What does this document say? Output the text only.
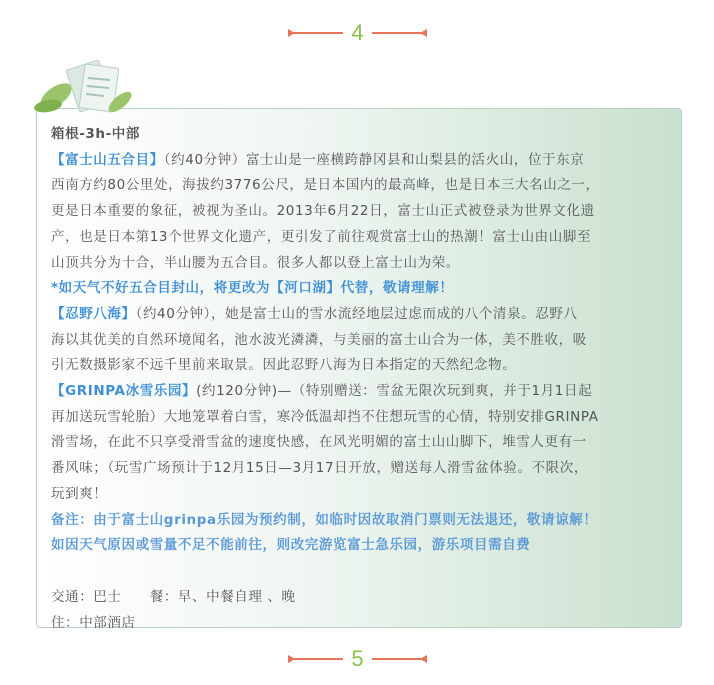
4

箱根-3h-中部

【富士山五合目】（约40分钟）富士山是一座横跨静冈县和山梨县的活火山，位于东京
西南方约80公里处，海拔约3776公尺，是日本国内的最高峰，也是日本三大名山之一，
更是日本重要的象征，被视为圣山。2013年6月22日，富士山正式被登录为世界文化遗
产，也是日本第13个世界文化遗产，更引发了前往观赏富士山的热潮！富士山由山脚至
山顶共分为十合，半山腰为五合目。很多人都以登上富士山为荣。

*如天气不好五合目封山，将更改为【河口湖】代替，敬请理解！

【忍野八海】（约40分钟），她是富士山的雪水流经地层过虑而成的八个清泉。忍野八
海以其优美的自然环境闻名，池水波光潾潾，与美丽的富士山合为一体，美不胜收，吸
引无数摄影家不远千里前来取景。因此忍野八海为日本指定的天然纪念物。

【GRINPA冰雪乐园】(约120分钟)—（特别赠送：雪盆无限次玩到爽，并于1月1日起
再加送玩雪轮胎）大地笼罩着白雪，寒冷低温却挡不住想玩雪的心情，特别安排GRINPA
滑雪场，在此不只享受滑雪盆的速度快感，在风光明媚的富士山山脚下，堆雪人更有一
番风味；（玩雪广场预计于12月15日—3月17日开放，赠送每人滑雪盆体验。不限次，
玩到爽！

备注：由于富士山grinpa乐园为预约制，如临时因故取消门票则无法退还，敬请谅解！
如因天气原因或雪量不足不能前往，则改完游览富士急乐园，游乐项目需自费

交通：巴士　　餐：早、中餐自理 、晚

住：中部酒店

5
